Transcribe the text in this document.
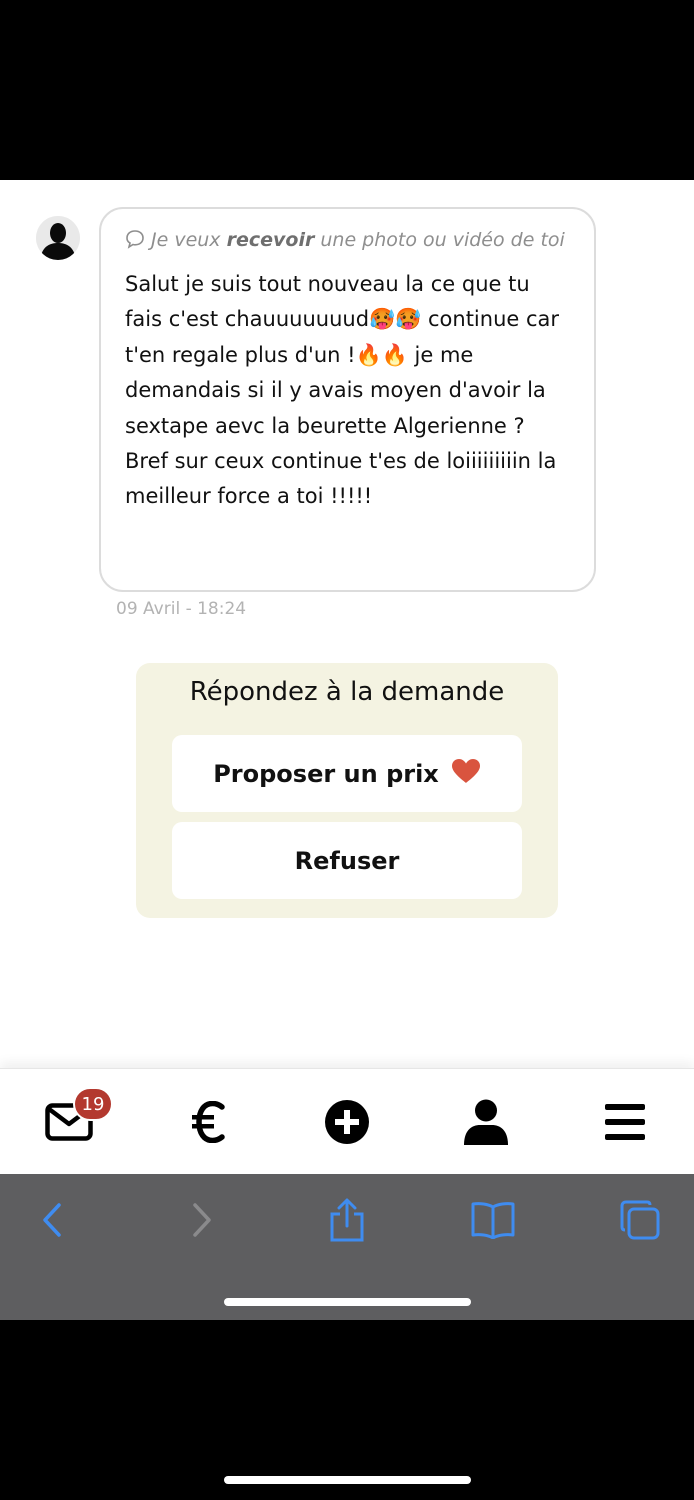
Je veux recevoir une photo ou vidéo de toi
Salut je suis tout nouveau la ce que tu fais c'est chauuuuuuud🥵🥵 continue car t'en regale plus d'un !🔥🔥 je me demandais si il y avais moyen d'avoir la sextape aevc la beurette Algerienne ? Bref sur ceux continue t'es de loiiiiiiiiin la meilleur force a toi !!!!!
09 Avril - 18:24
Répondez à la demande
Proposer un prix
Refuser
19
